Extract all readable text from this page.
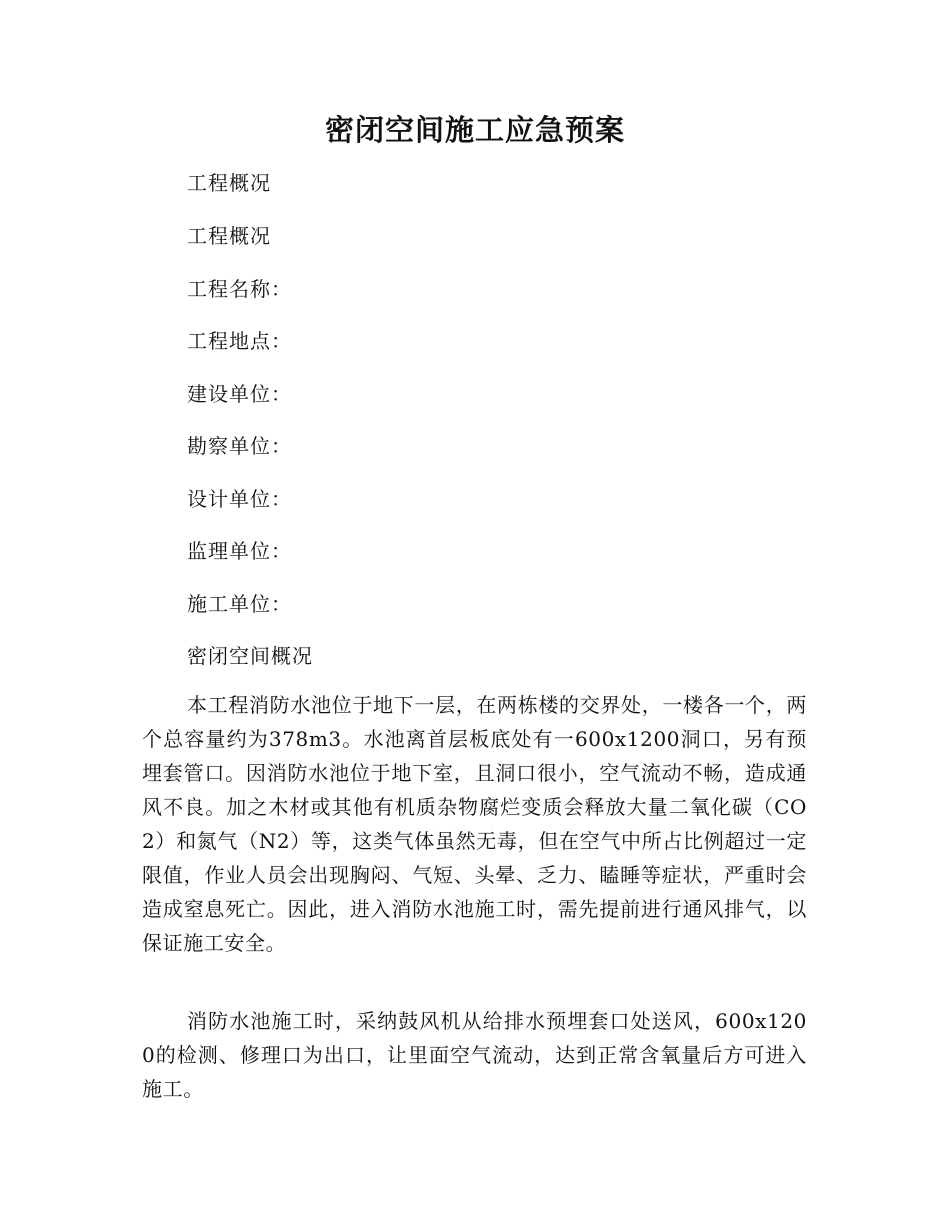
密闭空间施工应急预案
工程概况
工程概况
工程名称：
工程地点：
建设单位：
勘察单位：
设计单位：
监理单位：
施工单位：
密闭空间概况

本工程消防水池位于地下一层，在两栋楼的交界处，一楼各一个，两个总容量约为378m3。水池离首层板底处有一600x1200洞口，另有预埋套管口。因消防水池位于地下室，且洞口很小，空气流动不畅，造成通风不良。加之木材或其他有机质杂物腐烂变质会释放大量二氧化碳（CO2）和氮气（N2）等，这类气体虽然无毒，但在空气中所占比例超过一定限值，作业人员会出现胸闷、气短、头晕、乏力、瞌睡等症状，严重时会造成窒息死亡。因此，进入消防水池施工时，需先提前进行通风排气，以保证施工安全。

消防水池施工时，采纳鼓风机从给排水预埋套口处送风，600x1200的检测、修理口为出口，让里面空气流动，达到正常含氧量后方可进入施工。
